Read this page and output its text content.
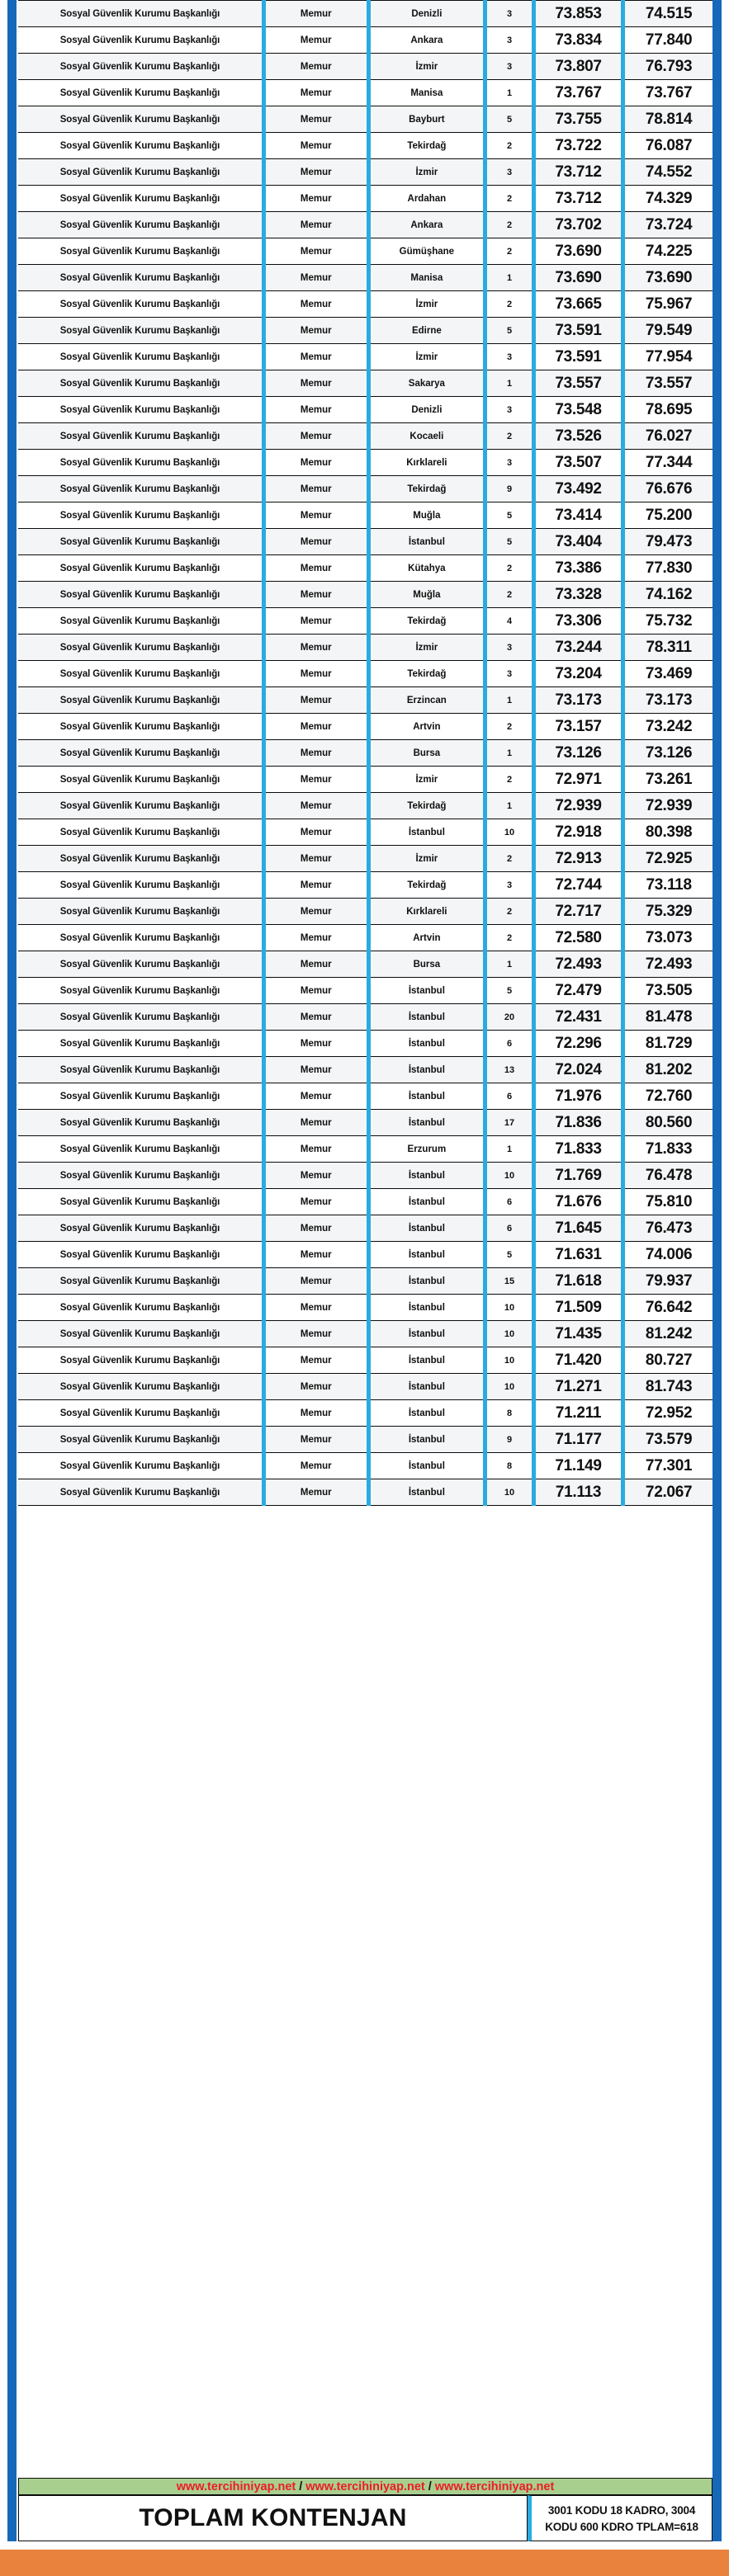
Sosyal Güvenlik Kurumu Başkanlığı	Memur	Denizli	3	73.853	74.515
Sosyal Güvenlik Kurumu Başkanlığı	Memur	Ankara	3	73.834	77.840
Sosyal Güvenlik Kurumu Başkanlığı	Memur	İzmir	3	73.807	76.793
Sosyal Güvenlik Kurumu Başkanlığı	Memur	Manisa	1	73.767	73.767
Sosyal Güvenlik Kurumu Başkanlığı	Memur	Bayburt	5	73.755	78.814
Sosyal Güvenlik Kurumu Başkanlığı	Memur	Tekirdağ	2	73.722	76.087
Sosyal Güvenlik Kurumu Başkanlığı	Memur	İzmir	3	73.712	74.552
Sosyal Güvenlik Kurumu Başkanlığı	Memur	Ardahan	2	73.712	74.329
Sosyal Güvenlik Kurumu Başkanlığı	Memur	Ankara	2	73.702	73.724
Sosyal Güvenlik Kurumu Başkanlığı	Memur	Gümüşhane	2	73.690	74.225
Sosyal Güvenlik Kurumu Başkanlığı	Memur	Manisa	1	73.690	73.690
Sosyal Güvenlik Kurumu Başkanlığı	Memur	İzmir	2	73.665	75.967
Sosyal Güvenlik Kurumu Başkanlığı	Memur	Edirne	5	73.591	79.549
Sosyal Güvenlik Kurumu Başkanlığı	Memur	İzmir	3	73.591	77.954
Sosyal Güvenlik Kurumu Başkanlığı	Memur	Sakarya	1	73.557	73.557
Sosyal Güvenlik Kurumu Başkanlığı	Memur	Denizli	3	73.548	78.695
Sosyal Güvenlik Kurumu Başkanlığı	Memur	Kocaeli	2	73.526	76.027
Sosyal Güvenlik Kurumu Başkanlığı	Memur	Kırklareli	3	73.507	77.344
Sosyal Güvenlik Kurumu Başkanlığı	Memur	Tekirdağ	9	73.492	76.676
Sosyal Güvenlik Kurumu Başkanlığı	Memur	Muğla	5	73.414	75.200
Sosyal Güvenlik Kurumu Başkanlığı	Memur	İstanbul	5	73.404	79.473
Sosyal Güvenlik Kurumu Başkanlığı	Memur	Kütahya	2	73.386	77.830
Sosyal Güvenlik Kurumu Başkanlığı	Memur	Muğla	2	73.328	74.162
Sosyal Güvenlik Kurumu Başkanlığı	Memur	Tekirdağ	4	73.306	75.732
Sosyal Güvenlik Kurumu Başkanlığı	Memur	İzmir	3	73.244	78.311
Sosyal Güvenlik Kurumu Başkanlığı	Memur	Tekirdağ	3	73.204	73.469
Sosyal Güvenlik Kurumu Başkanlığı	Memur	Erzincan	1	73.173	73.173
Sosyal Güvenlik Kurumu Başkanlığı	Memur	Artvin	2	73.157	73.242
Sosyal Güvenlik Kurumu Başkanlığı	Memur	Bursa	1	73.126	73.126
Sosyal Güvenlik Kurumu Başkanlığı	Memur	İzmir	2	72.971	73.261
Sosyal Güvenlik Kurumu Başkanlığı	Memur	Tekirdağ	1	72.939	72.939
Sosyal Güvenlik Kurumu Başkanlığı	Memur	İstanbul	10	72.918	80.398
Sosyal Güvenlik Kurumu Başkanlığı	Memur	İzmir	2	72.913	72.925
Sosyal Güvenlik Kurumu Başkanlığı	Memur	Tekirdağ	3	72.744	73.118
Sosyal Güvenlik Kurumu Başkanlığı	Memur	Kırklareli	2	72.717	75.329
Sosyal Güvenlik Kurumu Başkanlığı	Memur	Artvin	2	72.580	73.073
Sosyal Güvenlik Kurumu Başkanlığı	Memur	Bursa	1	72.493	72.493
Sosyal Güvenlik Kurumu Başkanlığı	Memur	İstanbul	5	72.479	73.505
Sosyal Güvenlik Kurumu Başkanlığı	Memur	İstanbul	20	72.431	81.478
Sosyal Güvenlik Kurumu Başkanlığı	Memur	İstanbul	6	72.296	81.729
Sosyal Güvenlik Kurumu Başkanlığı	Memur	İstanbul	13	72.024	81.202
Sosyal Güvenlik Kurumu Başkanlığı	Memur	İstanbul	6	71.976	72.760
Sosyal Güvenlik Kurumu Başkanlığı	Memur	İstanbul	17	71.836	80.560
Sosyal Güvenlik Kurumu Başkanlığı	Memur	Erzurum	1	71.833	71.833
Sosyal Güvenlik Kurumu Başkanlığı	Memur	İstanbul	10	71.769	76.478
Sosyal Güvenlik Kurumu Başkanlığı	Memur	İstanbul	6	71.676	75.810
Sosyal Güvenlik Kurumu Başkanlığı	Memur	İstanbul	6	71.645	76.473
Sosyal Güvenlik Kurumu Başkanlığı	Memur	İstanbul	5	71.631	74.006
Sosyal Güvenlik Kurumu Başkanlığı	Memur	İstanbul	15	71.618	79.937
Sosyal Güvenlik Kurumu Başkanlığı	Memur	İstanbul	10	71.509	76.642
Sosyal Güvenlik Kurumu Başkanlığı	Memur	İstanbul	10	71.435	81.242
Sosyal Güvenlik Kurumu Başkanlığı	Memur	İstanbul	10	71.420	80.727
Sosyal Güvenlik Kurumu Başkanlığı	Memur	İstanbul	10	71.271	81.743
Sosyal Güvenlik Kurumu Başkanlığı	Memur	İstanbul	8	71.211	72.952
Sosyal Güvenlik Kurumu Başkanlığı	Memur	İstanbul	9	71.177	73.579
Sosyal Güvenlik Kurumu Başkanlığı	Memur	İstanbul	8	71.149	77.301
Sosyal Güvenlik Kurumu Başkanlığı	Memur	İstanbul	10	71.113	72.067
www.tercihiniyap.net / www.tercihiniyap.net / www.tercihiniyap.net
TOPLAM KONTENJAN	3001 KODU 18 KADRO, 3004
KODU 600 KDRO TPLAM=618
